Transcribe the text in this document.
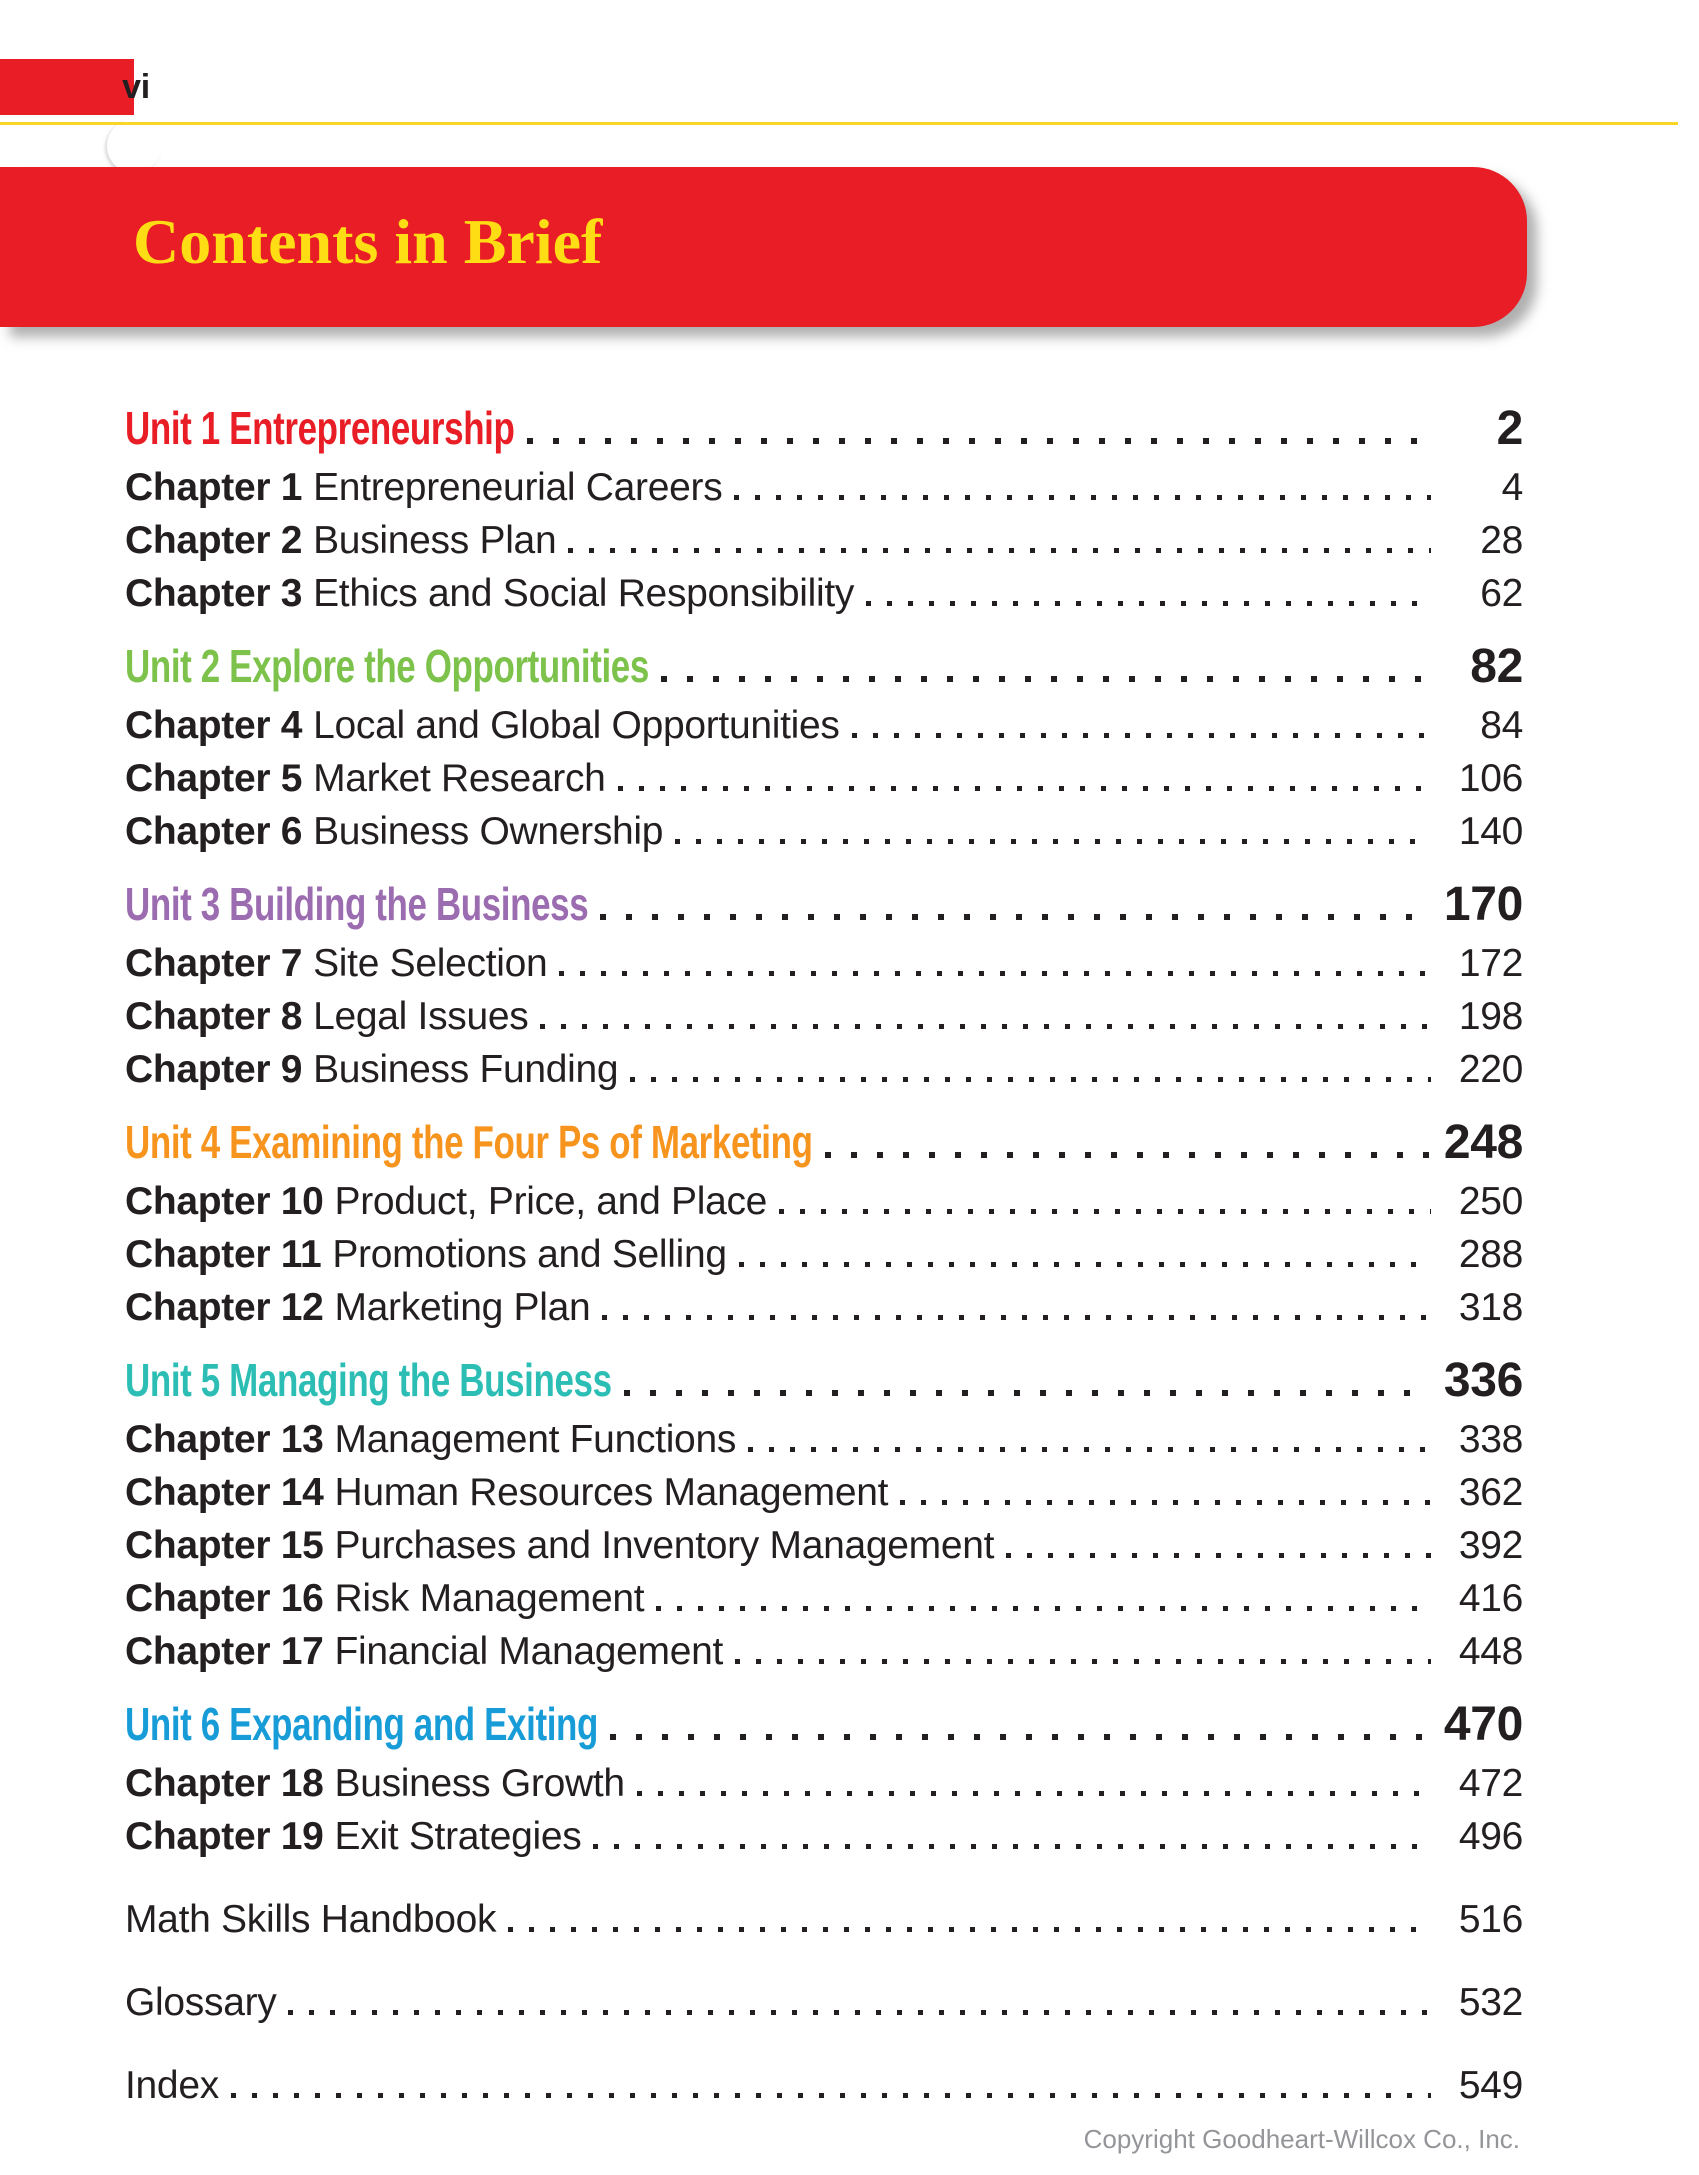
vi
Contents in Brief
Unit 1 Entrepreneurship	2
Chapter 1 Entrepreneurial Careers	4
Chapter 2 Business Plan	28
Chapter 3 Ethics and Social Responsibility	62
Unit 2 Explore the Opportunities	82
Chapter 4 Local and Global Opportunities	84
Chapter 5 Market Research	106
Chapter 6 Business Ownership	140
Unit 3 Building the Business	170
Chapter 7 Site Selection	172
Chapter 8 Legal Issues	198
Chapter 9 Business Funding	220
Unit 4 Examining the Four Ps of Marketing	248
Chapter 10 Product, Price, and Place	250
Chapter 11 Promotions and Selling	288
Chapter 12 Marketing Plan	318
Unit 5 Managing the Business	336
Chapter 13 Management Functions	338
Chapter 14 Human Resources Management	362
Chapter 15 Purchases and Inventory Management	392
Chapter 16 Risk Management	416
Chapter 17 Financial Management	448
Unit 6 Expanding and Exiting	470
Chapter 18 Business Growth	472
Chapter 19 Exit Strategies	496
Math Skills Handbook	516
Glossary	532
Index	549
Copyright Goodheart-Willcox Co., Inc.
